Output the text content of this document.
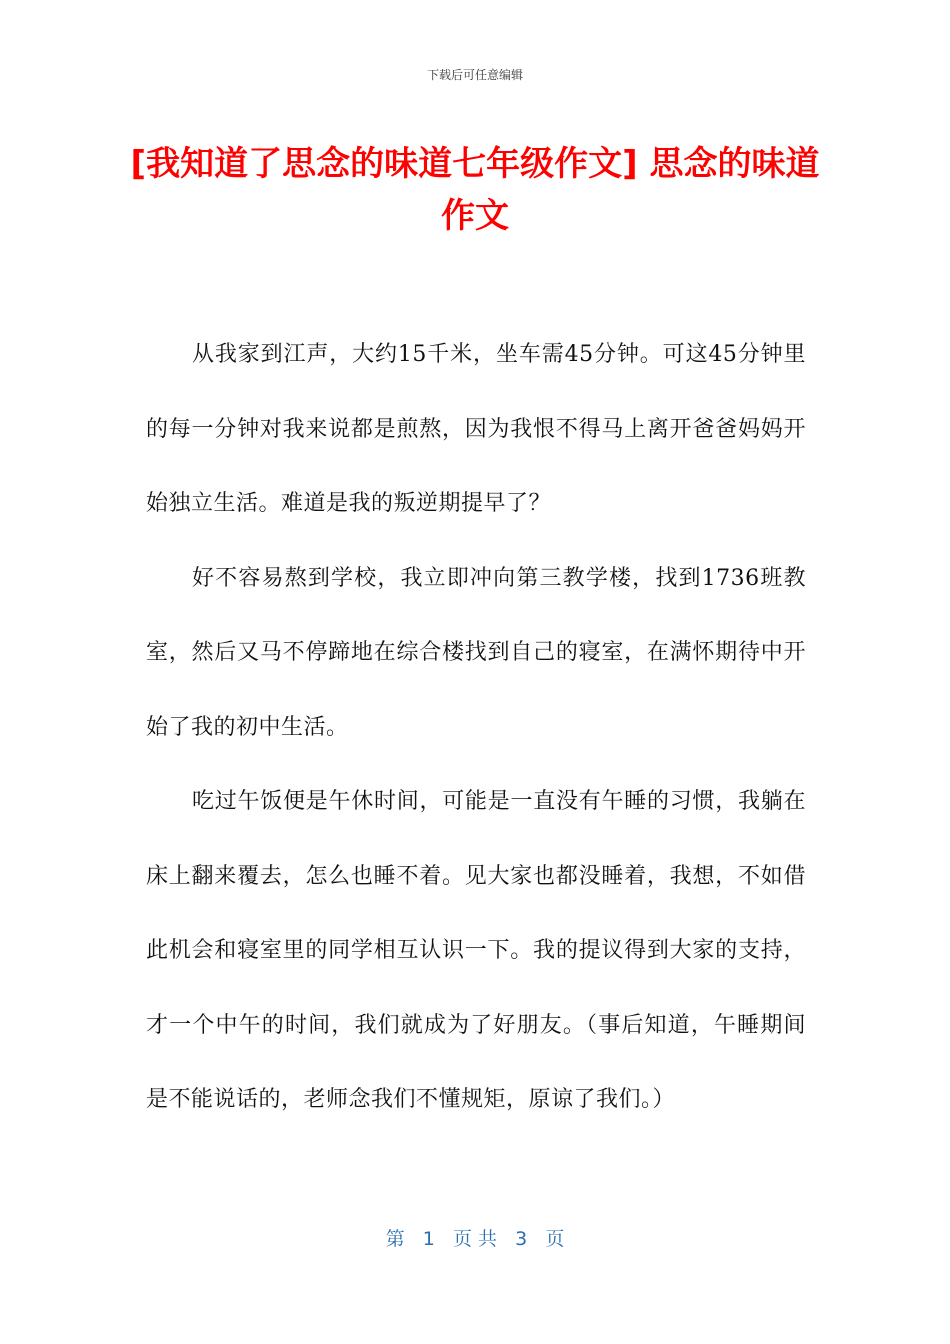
下载后可任意编辑
[我知道了思念的味道七年级作文] 思念的味道作文

从我家到江声，大约15千米，坐车需45分钟。可这45分钟里的每一分钟对我来说都是煎熬，因为我恨不得马上离开爸爸妈妈开始独立生活。难道是我的叛逆期提早了？

好不容易熬到学校，我立即冲向第三教学楼，找到1736班教室，然后又马不停蹄地在综合楼找到自己的寝室，在满怀期待中开始了我的初中生活。

吃过午饭便是午休时间，可能是一直没有午睡的习惯，我躺在床上翻来覆去，怎么也睡不着。见大家也都没睡着，我想，不如借此机会和寝室里的同学相互认识一下。我的提议得到大家的支持，才一个中午的时间，我们就成为了好朋友。（事后知道，午睡期间是不能说话的，老师念我们不懂规矩，原谅了我们。）

第 1 页 共 3 页
